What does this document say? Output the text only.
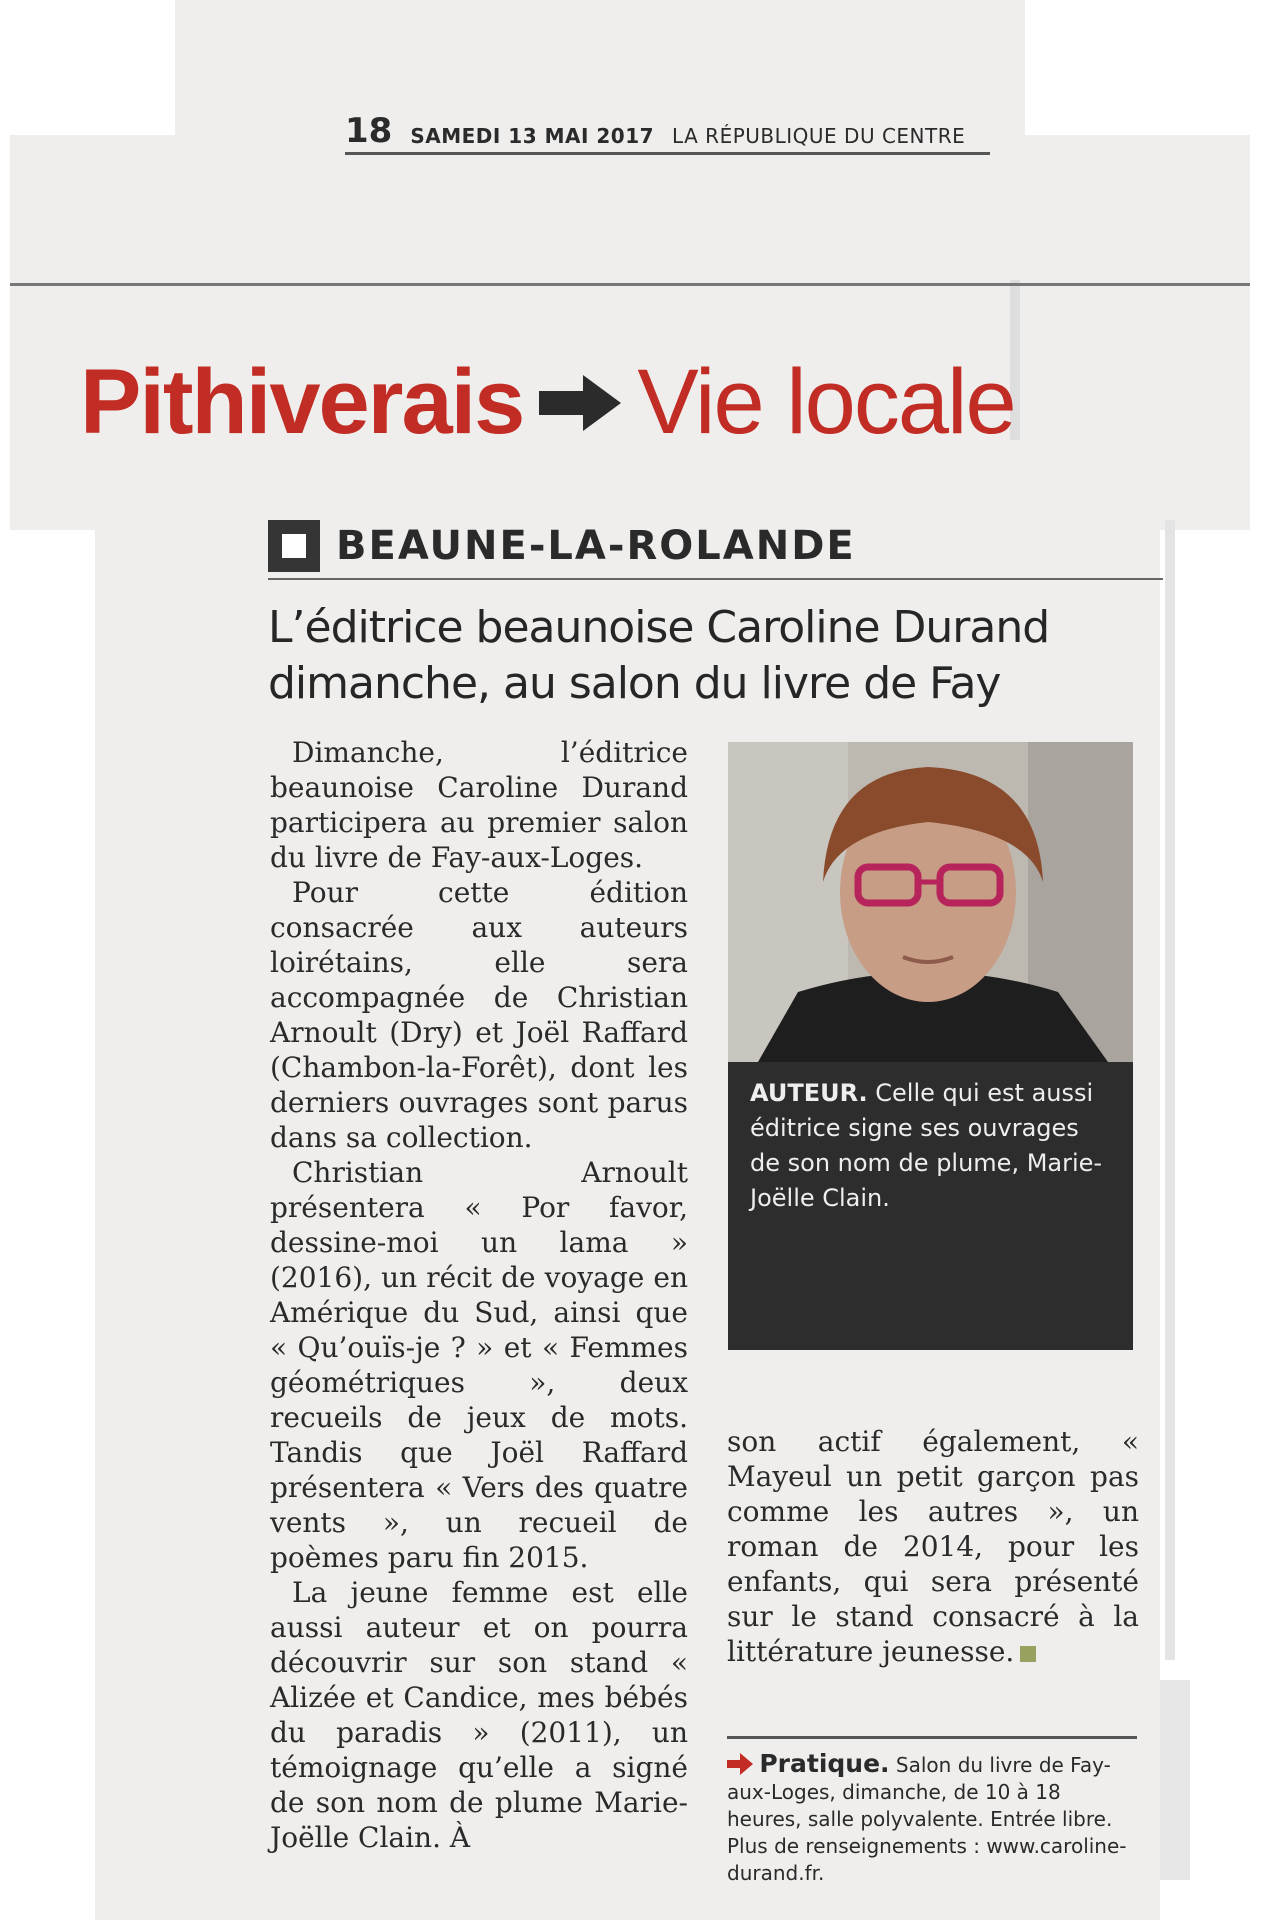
18 SAMEDI 13 MAI 2017 LA RÉPUBLIQUE DU CENTRE
Pithiverais Vie locale
BEAUNE-LA-ROLANDE
L’éditrice beaunoise Caroline Durand dimanche, au salon du livre de Fay

Dimanche, l’éditrice beaunoise Caroline Durand participera au premier salon du livre de Fay-aux-Loges.

Pour cette édition consacrée aux auteurs loirétains, elle sera accompagnée de Christian Arnoult (Dry) et Joël Raffard (Chambon-la-Forêt), dont les derniers ouvrages sont parus dans sa collection.

Christian Arnoult présentera « Por favor, dessine-moi un lama » (2016), un récit de voyage en Amérique du Sud, ainsi que « Qu’ouïs-je ? » et « Femmes géométriques », deux recueils de jeux de mots. Tandis que Joël Raffard présentera « Vers des quatre vents », un recueil de poèmes paru fin 2015.

La jeune femme est elle aussi auteur et on pourra découvrir sur son stand « Alizée et Candice, mes bébés du paradis » (2011), un témoignage qu’elle a signé de son nom de plume Marie-Joëlle Clain. À

AUTEUR. Celle qui est aussi éditrice signe ses ouvrages de son nom de plume, Marie-Joëlle Clain.

son actif également, « Mayeul un petit garçon pas comme les autres », un roman de 2014, pour les enfants, qui sera présenté sur le stand consacré à la littérature jeunesse.

Pratique. Salon du livre de Fay-aux-Loges, dimanche, de 10 à 18 heures, salle polyvalente. Entrée libre. Plus de renseignements : www.caroline-durand.fr.
